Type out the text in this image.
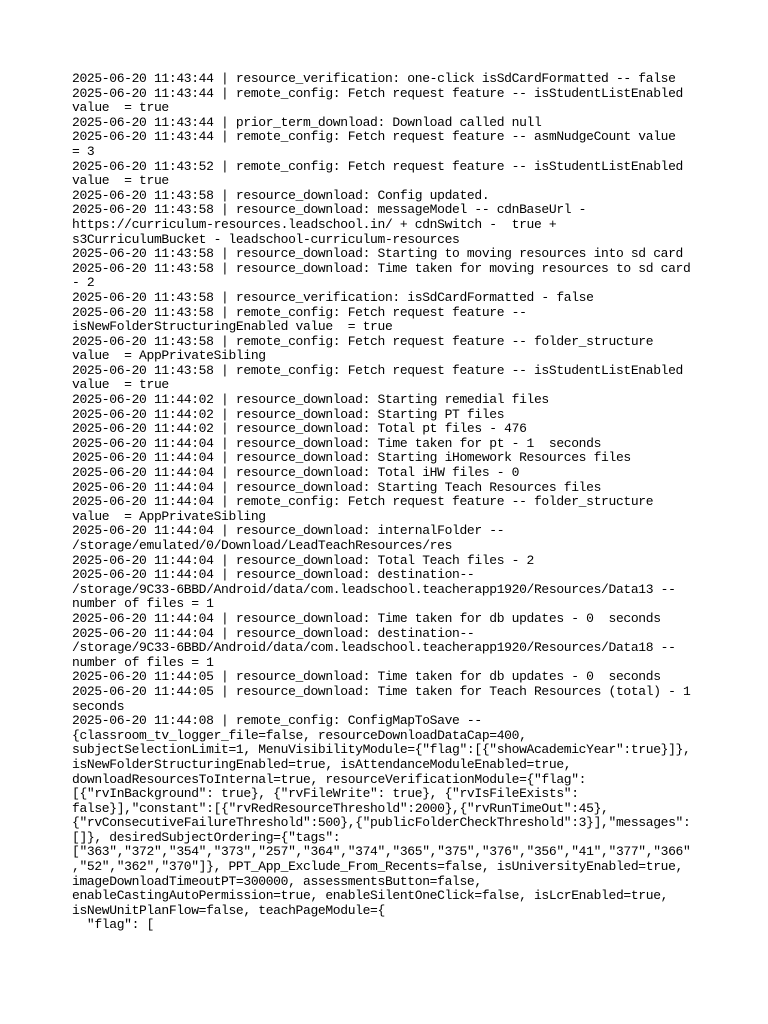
2025-06-20 11:43:44 | resource_verification: one-click isSdCardFormatted -- false
2025-06-20 11:43:44 | remote_config: Fetch request feature -- isStudentListEnabled
value  = true
2025-06-20 11:43:44 | prior_term_download: Download called null
2025-06-20 11:43:44 | remote_config: Fetch request feature -- asmNudgeCount value
= 3
2025-06-20 11:43:52 | remote_config: Fetch request feature -- isStudentListEnabled
value  = true
2025-06-20 11:43:58 | resource_download: Config updated.
2025-06-20 11:43:58 | resource_download: messageModel -- cdnBaseUrl -
https://curriculum-resources.leadschool.in/ + cdnSwitch -  true +
s3CurriculumBucket - leadschool-curriculum-resources
2025-06-20 11:43:58 | resource_download: Starting to moving resources into sd card
2025-06-20 11:43:58 | resource_download: Time taken for moving resources to sd card
- 2
2025-06-20 11:43:58 | resource_verification: isSdCardFormatted - false
2025-06-20 11:43:58 | remote_config: Fetch request feature --
isNewFolderStructuringEnabled value  = true
2025-06-20 11:43:58 | remote_config: Fetch request feature -- folder_structure
value  = AppPrivateSibling
2025-06-20 11:43:58 | remote_config: Fetch request feature -- isStudentListEnabled
value  = true
2025-06-20 11:44:02 | resource_download: Starting remedial files
2025-06-20 11:44:02 | resource_download: Starting PT files
2025-06-20 11:44:02 | resource_download: Total pt files - 476
2025-06-20 11:44:04 | resource_download: Time taken for pt - 1  seconds
2025-06-20 11:44:04 | resource_download: Starting iHomework Resources files
2025-06-20 11:44:04 | resource_download: Total iHW files - 0
2025-06-20 11:44:04 | resource_download: Starting Teach Resources files
2025-06-20 11:44:04 | remote_config: Fetch request feature -- folder_structure
value  = AppPrivateSibling
2025-06-20 11:44:04 | resource_download: internalFolder --
/storage/emulated/0/Download/LeadTeachResources/res
2025-06-20 11:44:04 | resource_download: Total Teach files - 2
2025-06-20 11:44:04 | resource_download: destination--
/storage/9C33-6BBD/Android/data/com.leadschool.teacherapp1920/Resources/Data13 --
number of files = 1
2025-06-20 11:44:04 | resource_download: Time taken for db updates - 0  seconds
2025-06-20 11:44:04 | resource_download: destination--
/storage/9C33-6BBD/Android/data/com.leadschool.teacherapp1920/Resources/Data18 --
number of files = 1
2025-06-20 11:44:05 | resource_download: Time taken for db updates - 0  seconds
2025-06-20 11:44:05 | resource_download: Time taken for Teach Resources (total) - 1
seconds
2025-06-20 11:44:08 | remote_config: ConfigMapToSave --
{classroom_tv_logger_file=false, resourceDownloadDataCap=400,
subjectSelectionLimit=1, MenuVisibilityModule={"flag":[{"showAcademicYear":true}]},
isNewFolderStructuringEnabled=true, isAttendanceModuleEnabled=true,
downloadResourcesToInternal=true, resourceVerificationModule={"flag":
[{"rvInBackground": true}, {"rvFileWrite": true}, {"rvIsFileExists":
false}],"constant":[{"rvRedResourceThreshold":2000},{"rvRunTimeOut":45},
{"rvConsecutiveFailureThreshold":500},{"publicFolderCheckThreshold":3}],"messages":
[]}, desiredSubjectOrdering={"tags":
["363","372","354","373","257","364","374","365","375","376","356","41","377","366"
,"52","362","370"]}, PPT_App_Exclude_From_Recents=false, isUniversityEnabled=true,
imageDownloadTimeoutPT=300000, assessmentsButton=false,
enableCastingAutoPermission=true, enableSilentOneClick=false, isLcrEnabled=true,
isNewUnitPlanFlow=false, teachPageModule={
"flag": [
